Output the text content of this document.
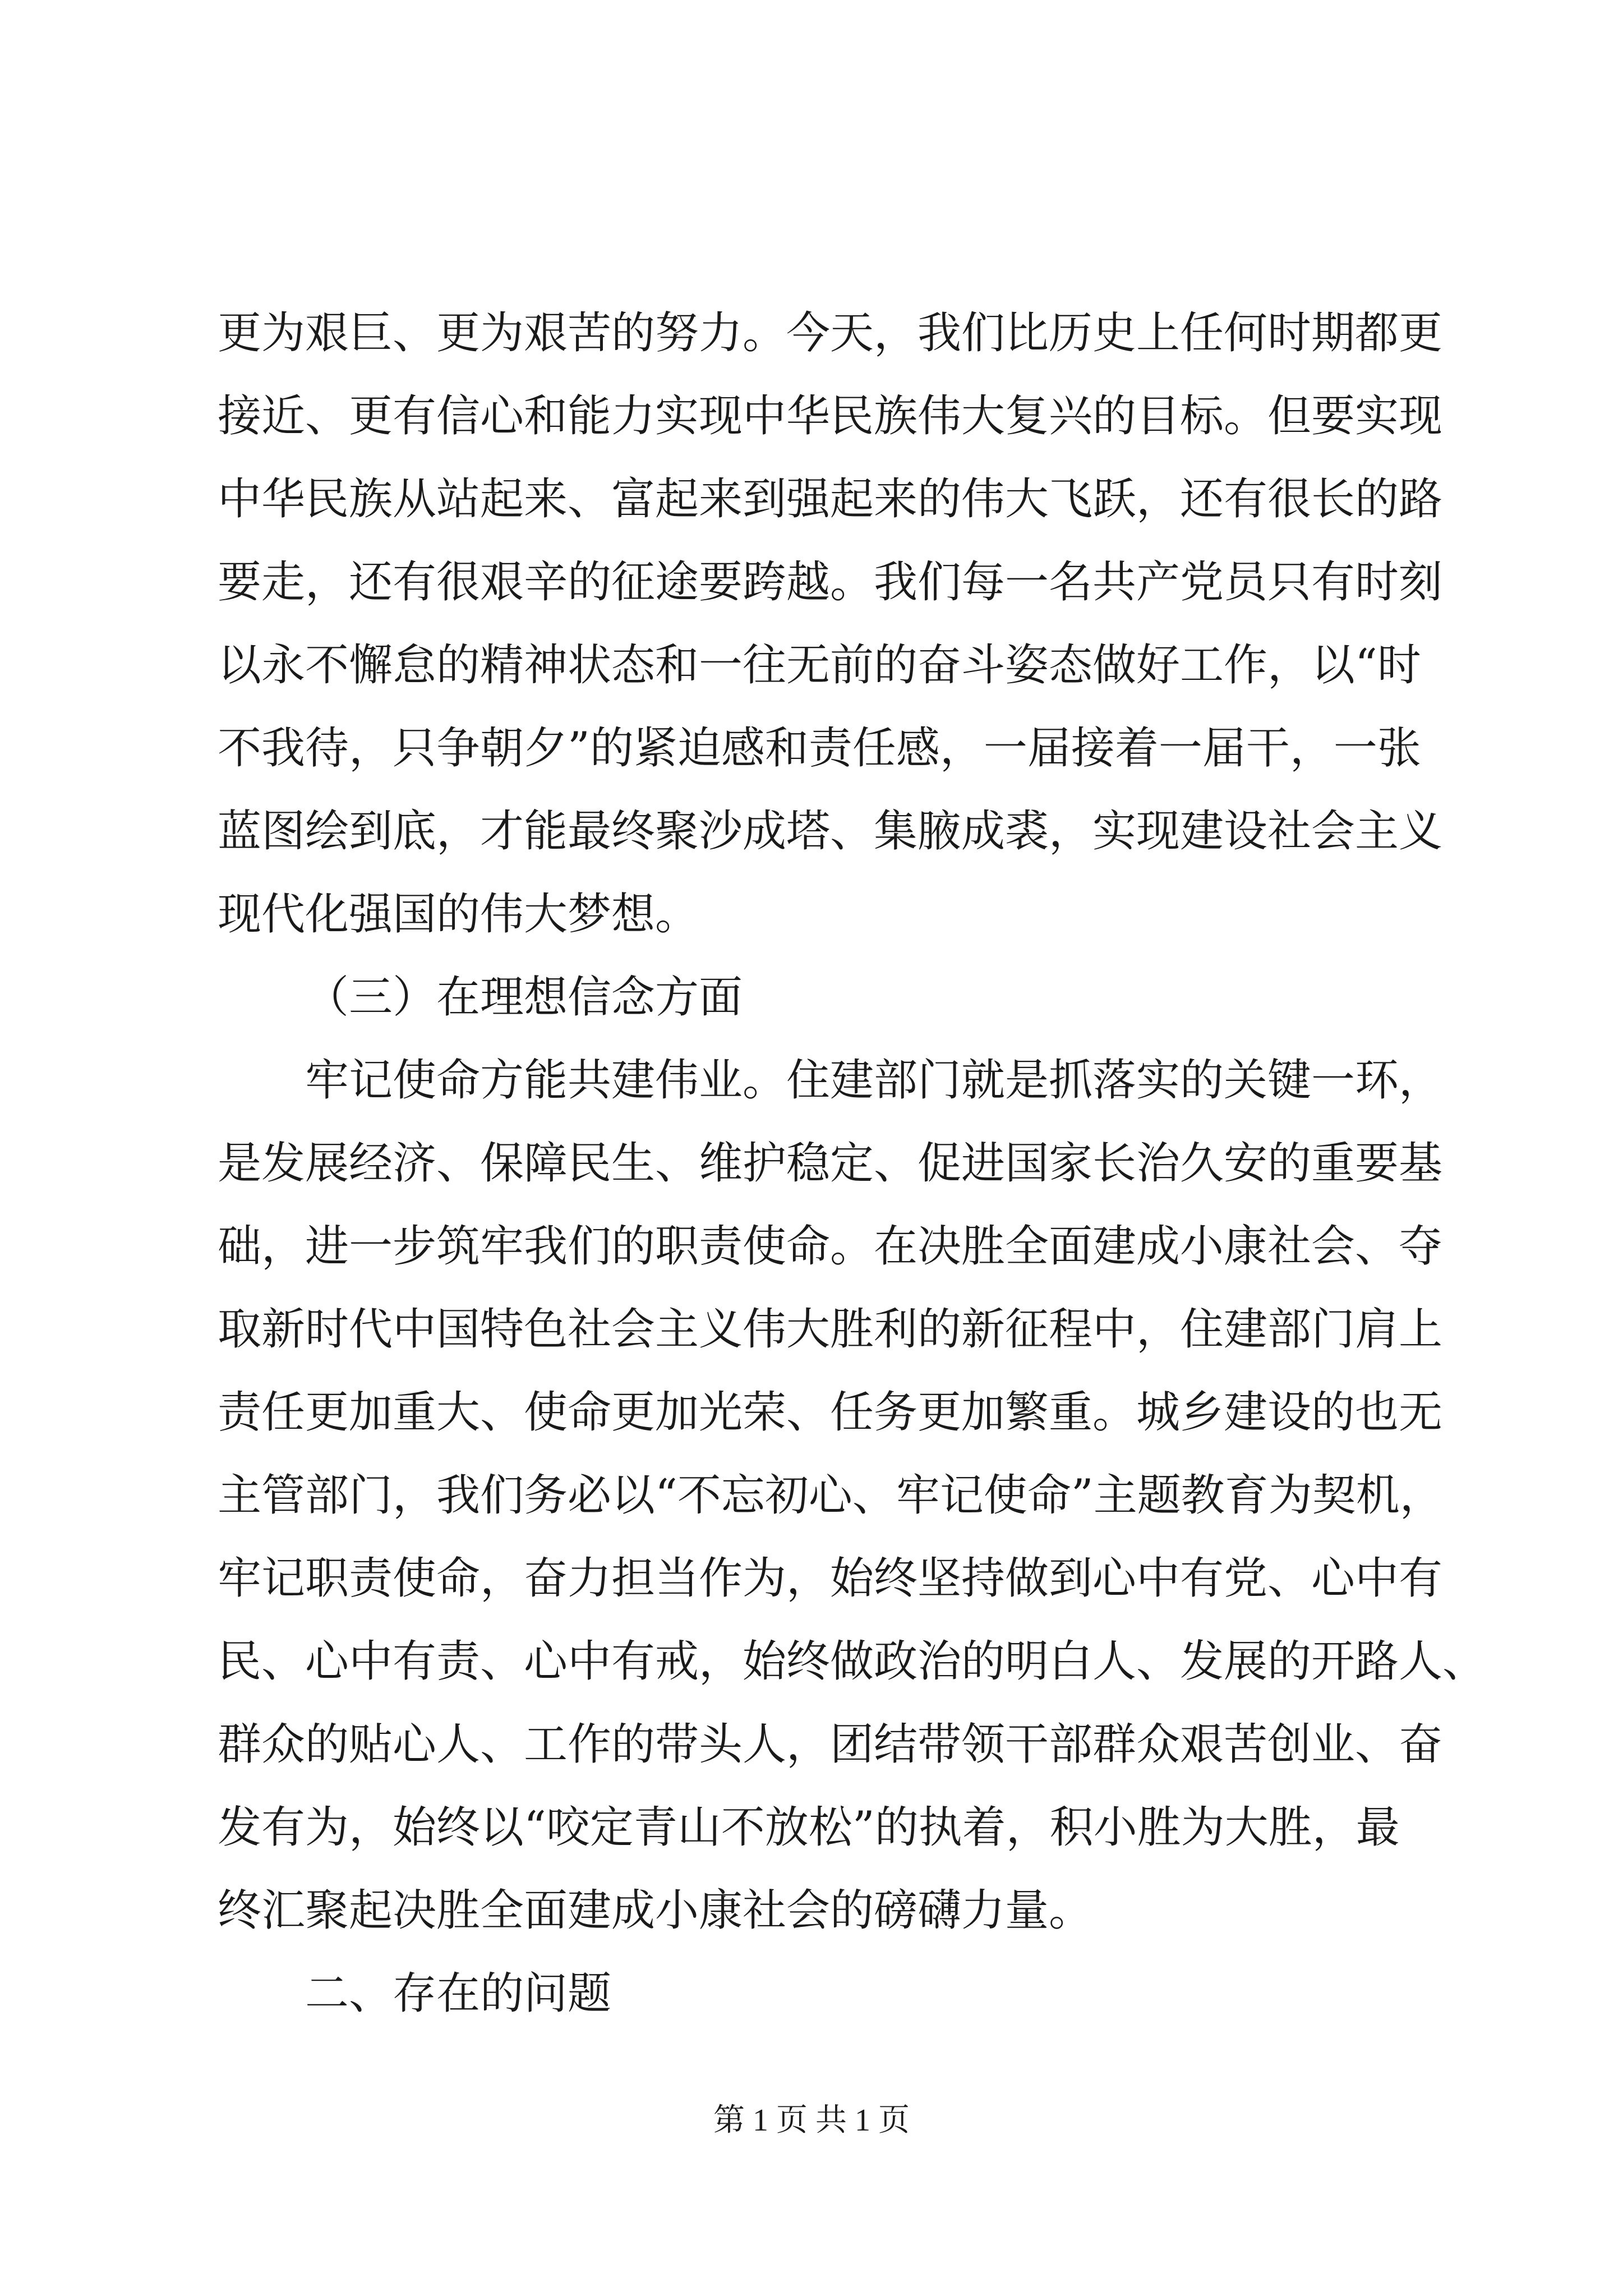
更为艰巨、更为艰苦的努力。今天，我们比历史上任何时期都更
接近、更有信心和能力实现中华民族伟大复兴的目标。但要实现
中华民族从站起来、富起来到强起来的伟大飞跃，还有很长的路
要走，还有很艰辛的征途要跨越。我们每一名共产党员只有时刻
以永不懈怠的精神状态和一往无前的奋斗姿态做好工作，以“时
不我待，只争朝夕”的紧迫感和责任感，一届接着一届干，一张
蓝图绘到底，才能最终聚沙成塔、集腋成裘，实现建设社会主义
现代化强国的伟大梦想。
（三）在理想信念方面
牢记使命方能共建伟业。住建部门就是抓落实的关键一环，
是发展经济、保障民生、维护稳定、促进国家长治久安的重要基
础，进一步筑牢我们的职责使命。在决胜全面建成小康社会、夺
取新时代中国特色社会主义伟大胜利的新征程中，住建部门肩上
责任更加重大、使命更加光荣、任务更加繁重。城乡建设的也无
主管部门，我们务必以“不忘初心、牢记使命”主题教育为契机，
牢记职责使命，奋力担当作为，始终坚持做到心中有党、心中有
民、心中有责、心中有戒，始终做政治的明白人、发展的开路人、
群众的贴心人、工作的带头人，团结带领干部群众艰苦创业、奋
发有为，始终以“咬定青山不放松”的执着，积小胜为大胜，最
终汇聚起决胜全面建成小康社会的磅礴力量。
二、存在的问题
第 1 页 共 1 页
